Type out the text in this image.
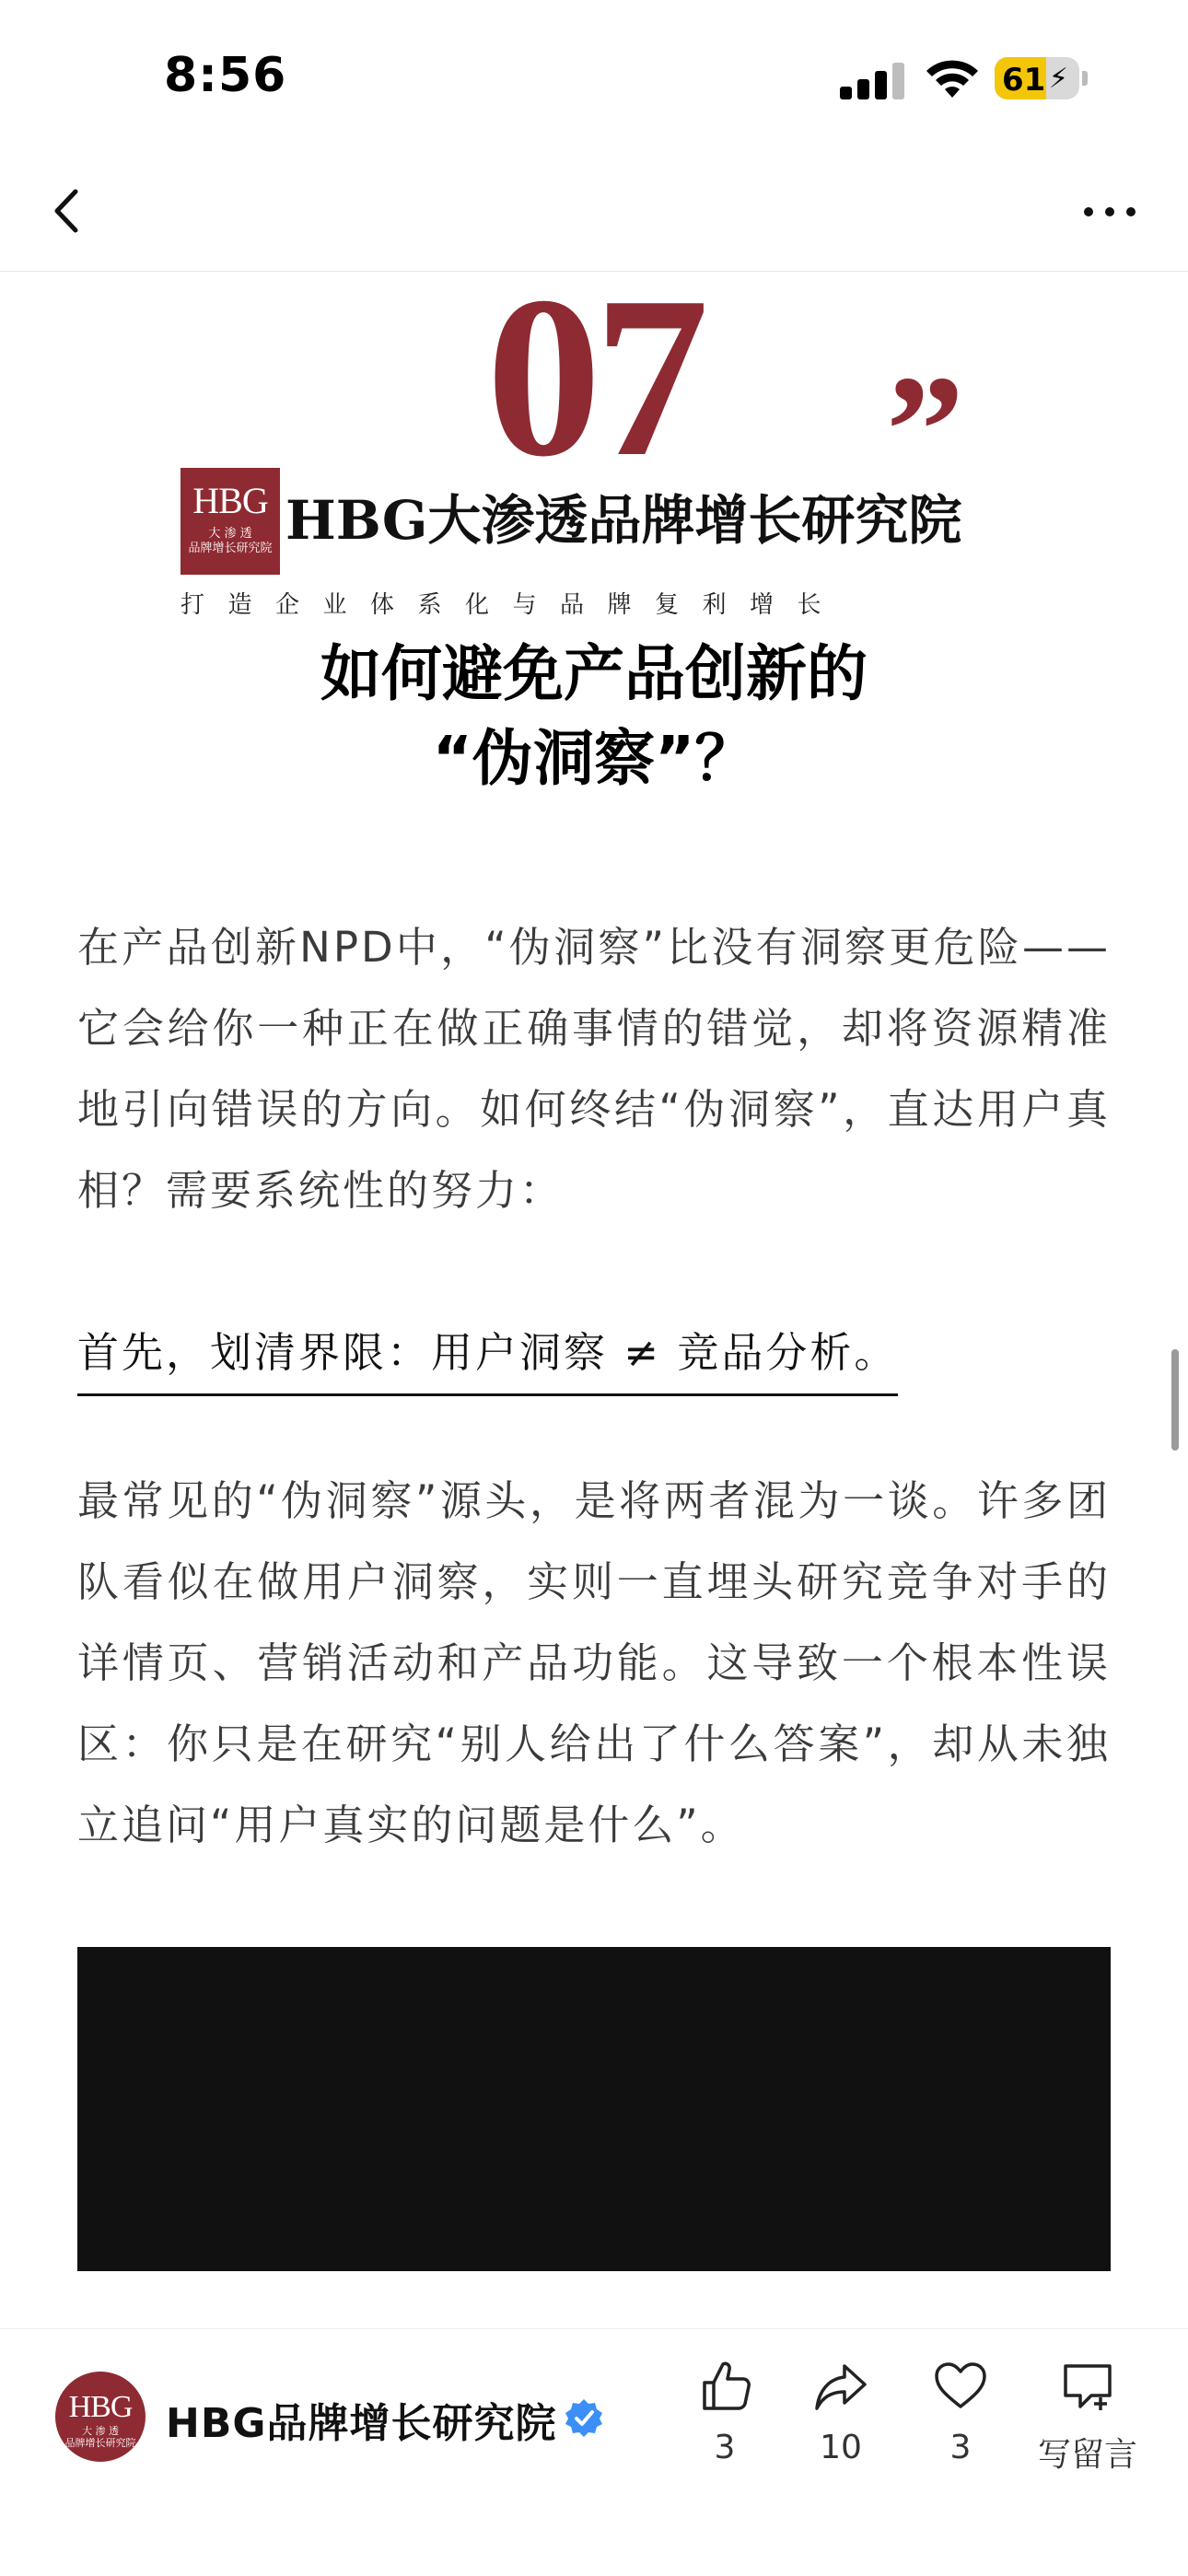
8:56	61 ⚡
07	”
HBG
大 渗 透
品牌增长研究院 HBG大渗透品牌增长研究院
打造企业体系化与品牌复利增长
如何避免产品创新的
“伪洞察”？

在产品创新NPD中，“伪洞察”比没有洞察更危险——它会给你一种正在做正确事情的错觉，却将资源精准地引向错误的方向。如何终结“伪洞察”，直达用户真相？需要系统性的努力：

首先，划清界限：用户洞察 ≠ 竞品分析。

最常见的“伪洞察”源头，是将两者混为一谈。许多团队看似在做用户洞察，实则一直埋头研究竞争对手的详情页、营销活动和产品功能。这导致一个根本性误区：你只是在研究“别人给出了什么答案”，却从未独立追问“用户真实的问题是什么”。

这种“竞争驱动”的思维，导致一个误区——容易被竞争，对手牵着鼻子走，永远找不到用户洞察的真相，会让品牌永远活在对手的阴影下，进行一场永无止境的模仿游戏，为他人而

HBG
大 渗 透
品牌增长研究院 HBG品牌增长研究院
3	10	3	写留言
